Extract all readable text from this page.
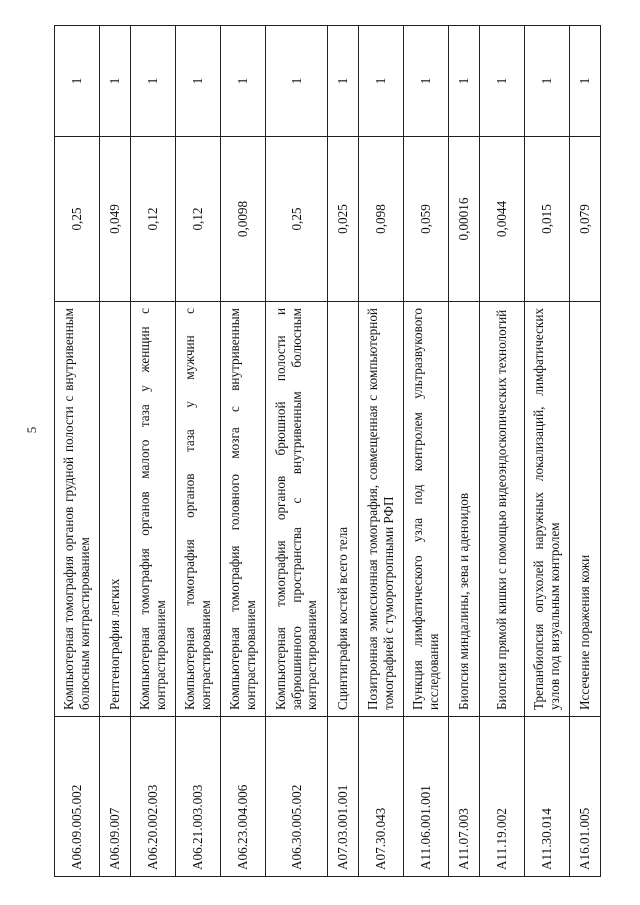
5
A06.09.005.002	Компьютерная томография органов грудной полости с внутривенным болюсным контрастированием	0,25	1
A06.09.007	Рентгенография легких	0,049	1
A06.20.002.003	Компьютерная томография органов малого таза у женщин с контрастированием	0,12	1
A06.21.003.003	Компьютерная томография органов таза у мужчин с контрастированием	0,12	1
A06.23.004.006	Компьютерная томография головного мозга с внутривенным контрастированием	0,0098	1
A06.30.005.002	Компьютерная томография органов брюшной полости и забрюшинного пространства с внутривенным болюсным контрастированием	0,25	1
A07.03.001.001	Сцинтиграфия костей всего тела	0,025	1
A07.30.043	Позитронная эмиссионная томография, совмещенная с компьютерной томографией с туморотропными РФП	0,098	1
A11.06.001.001	Пункция лимфатического узла под контролем ультразвукового исследования	0,059	1
A11.07.003	Биопсия миндалины, зева и аденоидов	0,00016	1
A11.19.002	Биопсия прямой кишки с помощью видеоэндоскопических технологий	0,0044	1
A11.30.014	Трепанбиопсия опухолей наружных локализаций, лимфатических узлов под визуальным контролем	0,015	1
A16.01.005	Иссечение поражения кожи	0,079	1
